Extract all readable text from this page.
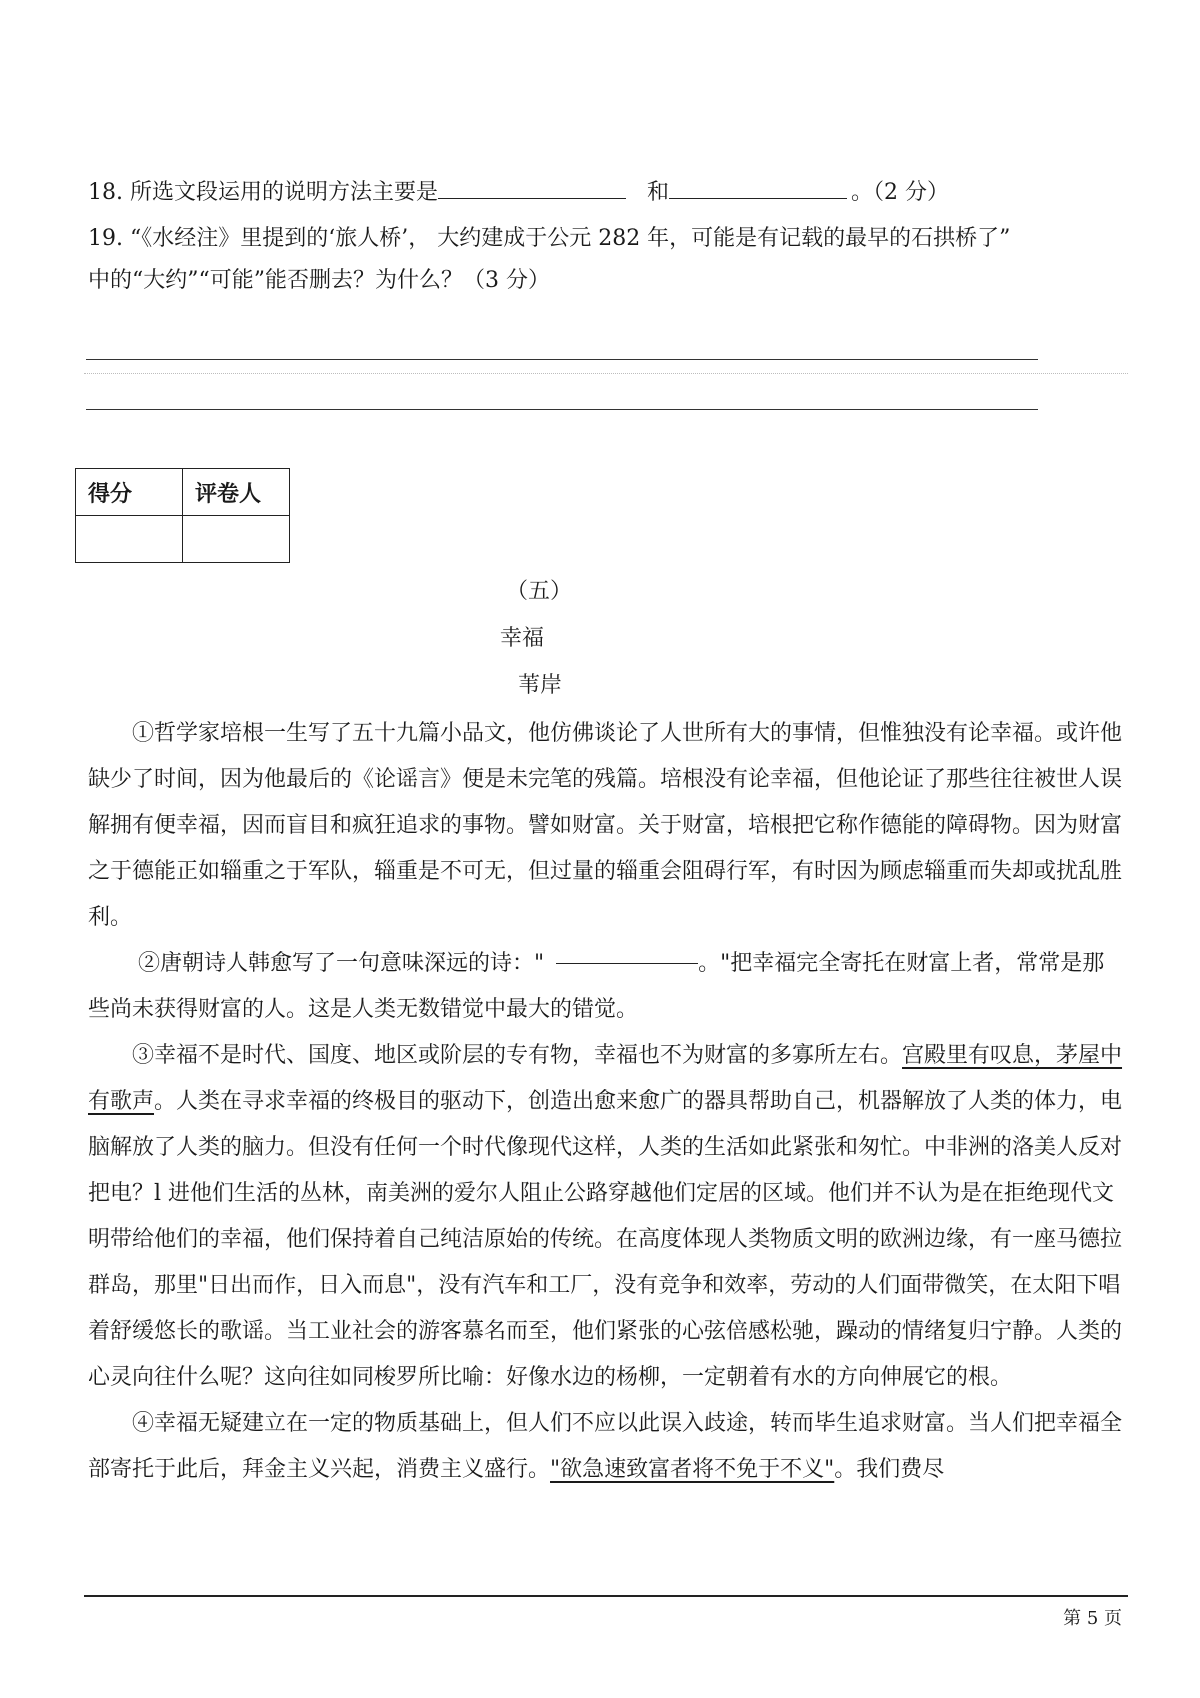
18. 所选文段运用的说明方法主要是	和	。（2 分）
19. “《水经注》里提到的‘旅人桥’， 大约建成于公元 282 年，可能是有记载的最早的石拱桥了”
中的“大约”“可能”能否删去？为什么？（3 分）
得分	评卷人

（五）
幸福
苇岸

①哲学家培根一生写了五十九篇小品文，他仿佛谈论了人世所有大的事情，但惟独没有论幸福。或许他缺少了时间，因为他最后的《论谣言》便是未完笔的残篇。培根没有论幸福，但他论证了那些往往被世人误解拥有便幸福，因而盲目和疯狂追求的事物。譬如财富。关于财富，培根把它称作德能的障碍物。因为财富之于德能正如辎重之于军队，辎重是不可无，但过量的辎重会阻碍行军，有时因为顾虑辎重而失却或扰乱胜利。

②唐朝诗人韩愈写了一句意味深远的诗："	。"把幸福完全寄托在财富上者，常常是那些尚未获得财富的人。这是人类无数错觉中最大的错觉。

③幸福不是时代、国度、地区或阶层的专有物，幸福也不为财富的多寡所左右。宫殿里有叹息，茅屋中有歌声。人类在寻求幸福的终极目的驱动下，创造出愈来愈广的器具帮助自己，机器解放了人类的体力，电脑解放了人类的脑力。但没有任何一个时代像现代这样，人类的生活如此紧张和匆忙。中非洲的洛美人反对把电？l 进他们生活的丛林，南美洲的爱尔人阻止公路穿越他们定居的区域。他们并不认为是在拒绝现代文明带给他们的幸福，他们保持着自己纯洁原始的传统。在高度体现人类物质文明的欧洲边缘，有一座马德拉群岛，那里"日出而作，日入而息"，没有汽车和工厂，没有竞争和效率，劳动的人们面带微笑，在太阳下唱着舒缓悠长的歌谣。当工业社会的游客慕名而至，他们紧张的心弦倍感松驰，躁动的情绪复归宁静。人类的心灵向往什么呢？这向往如同梭罗所比喻：好像水边的杨柳，一定朝着有水的方向伸展它的根。

④幸福无疑建立在一定的物质基础上，但人们不应以此误入歧途，转而毕生追求财富。当人们把幸福全部寄托于此后，拜金主义兴起，消费主义盛行。"欲急速致富者将不免于不义"。我们费尽

第 5 页
